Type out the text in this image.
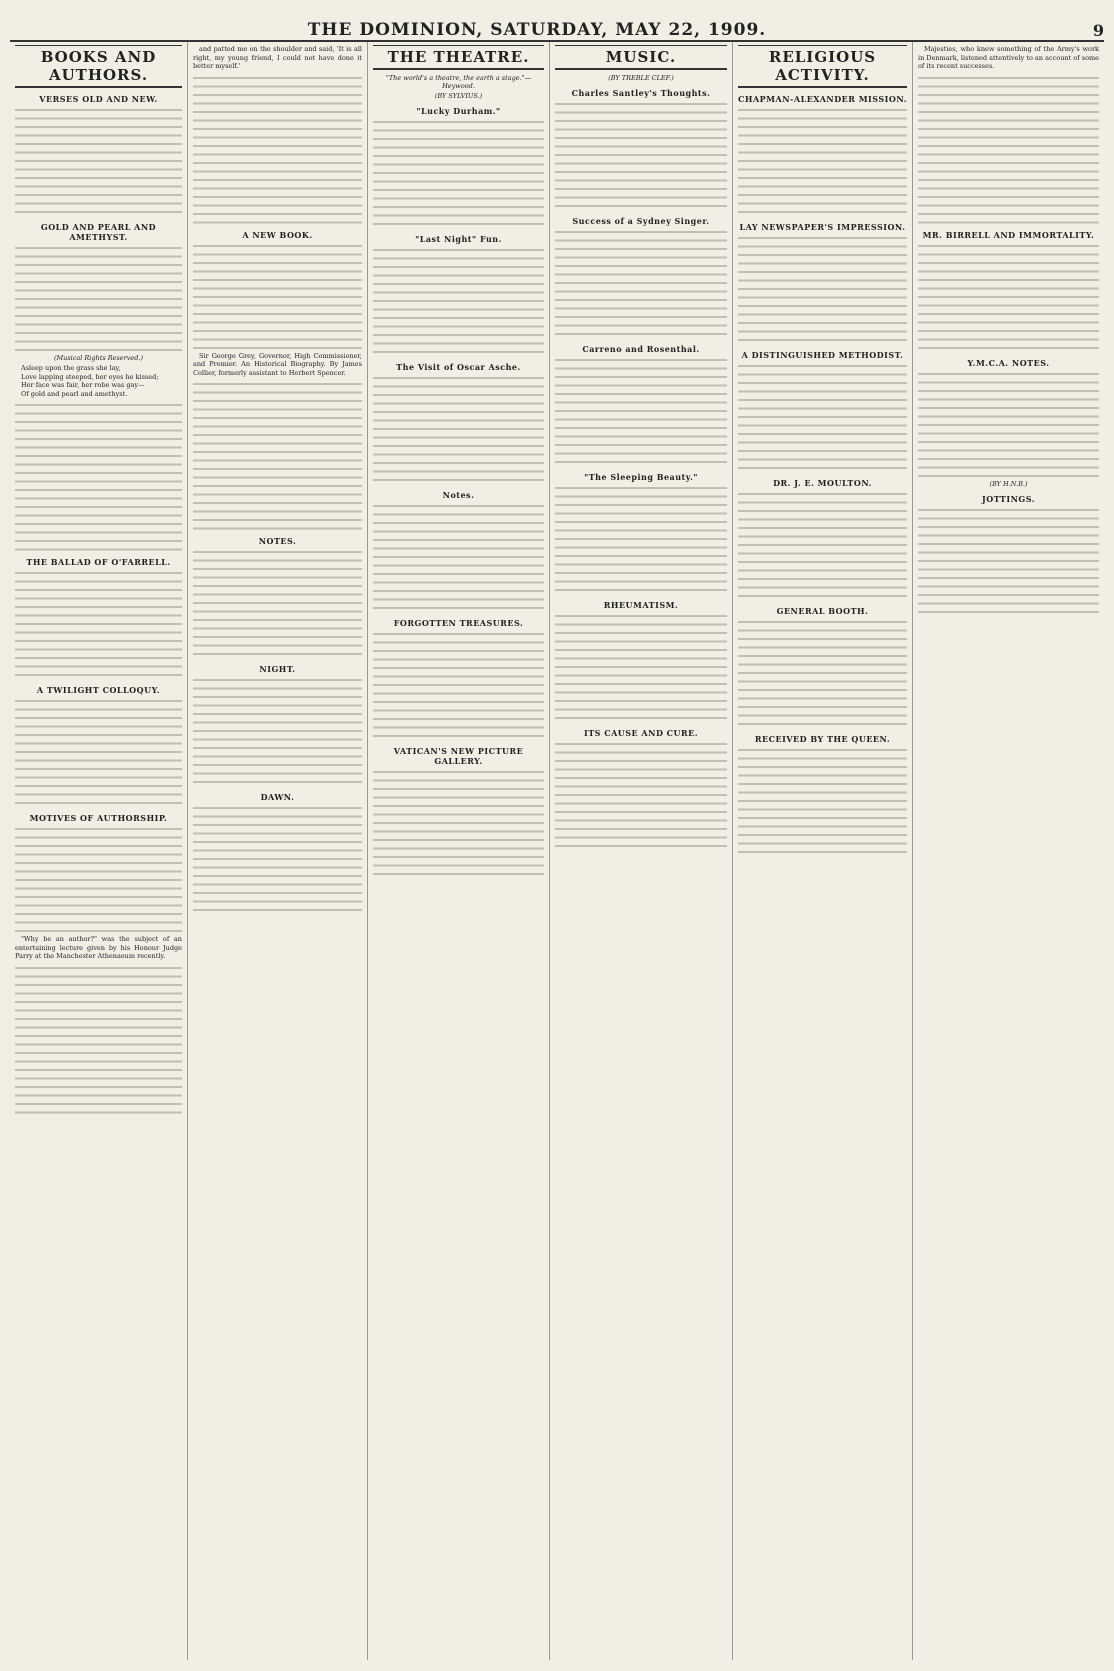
THE DOMINION, SATURDAY, MAY 22, 1909.	9
BOOKS AND AUTHORS.
VERSES OLD AND NEW.
GOLD AND PEARL AND AMETHYST.
(Musical Rights Reserved.)
Asleep upon the grass she lay,
Love lapping steeped, her eyes he kissed;
Her face was fair, her robe was gay—
Of gold and pearl and amethyst.
THE BALLAD OF O'FARRELL.
A TWILIGHT COLLOQUY.
MOTIVES OF AUTHORSHIP.
"Why be an author?" was the subject of an entertaining lecture given by his Honour Judge Parry at the Manchester Athenaeum recently.
and patted me on the shoulder and said, 'It is all right, my young friend, I could not have done it better myself.'
A NEW BOOK.
Sir George Grey, Governor, High Commissioner, and Premier. An Historical Biography. By James Collier, formerly assistant to Herbert Spencer.
NOTES.
NIGHT.
DAWN.
THE THEATRE.
"The world's a theatre, the earth a stage."—Heywood.
(BY SYLVIUS.)
"Lucky Durham."
"Last Night" Fun.
The Visit of Oscar Asche.
Notes.
FORGOTTEN TREASURES.
VATICAN'S NEW PICTURE GALLERY.
MUSIC.
(BY TREBLE CLEF.)
Charles Santley's Thoughts.
Success of a Sydney Singer.
Carreno and Rosenthal.
"The Sleeping Beauty."
RHEUMATISM.
ITS CAUSE AND CURE.
RELIGIOUS ACTIVITY.
CHAPMAN-ALEXANDER MISSION.
LAY NEWSPAPER'S IMPRESSION.
A DISTINGUISHED METHODIST.
DR. J. E. MOULTON.
GENERAL BOOTH.
RECEIVED BY THE QUEEN.
Majesties, who knew something of the Army's work in Denmark, listened attentively to an account of some of its recent successes.
MR. BIRRELL AND IMMORTALITY.
Y.M.C.A. NOTES.
(BY H.N.B.)
JOTTINGS.
